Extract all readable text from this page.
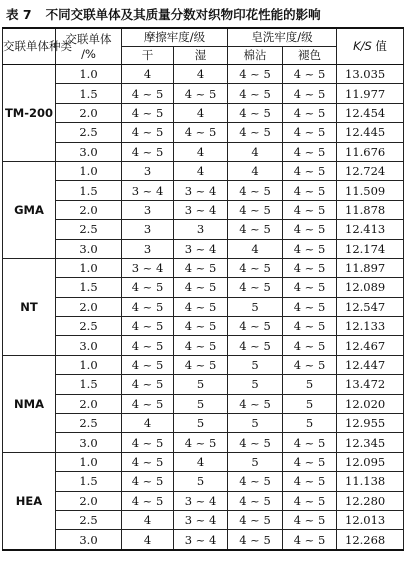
表 7 不同交联单体及其质量分数对织物印花性能的影响
交联单体种类	交联单体
/%	摩擦牢度/级		皂洗牢度/级		K/S 值
		干	湿	棉沾	褪色	
TM-200	1.0	4	4	4 ~ 5	4 ~ 5	13.035
	1.5	4 ~ 5	4 ~ 5	4 ~ 5	4 ~ 5	11.977
	2.0	4 ~ 5	4	4 ~ 5	4 ~ 5	12.454
	2.5	4 ~ 5	4 ~ 5	4 ~ 5	4 ~ 5	12.445
	3.0	4 ~ 5	4	4	4 ~ 5	11.676
GMA	1.0	3	4	4	4 ~ 5	12.724
	1.5	3 ~ 4	3 ~ 4	4 ~ 5	4 ~ 5	11.509
	2.0	3	3 ~ 4	4 ~ 5	4 ~ 5	11.878
	2.5	3	3	4 ~ 5	4 ~ 5	12.413
	3.0	3	3 ~ 4	4	4 ~ 5	12.174
NT	1.0	3 ~ 4	4 ~ 5	4 ~ 5	4 ~ 5	11.897
	1.5	4 ~ 5	4 ~ 5	4 ~ 5	4 ~ 5	12.089
	2.0	4 ~ 5	4 ~ 5	5	4 ~ 5	12.547
	2.5	4 ~ 5	4 ~ 5	4 ~ 5	4 ~ 5	12.133
	3.0	4 ~ 5	4 ~ 5	4 ~ 5	4 ~ 5	12.467
NMA	1.0	4 ~ 5	4 ~ 5	5	4 ~ 5	12.447
	1.5	4 ~ 5	5	5	5	13.472
	2.0	4 ~ 5	5	4 ~ 5	5	12.020
	2.5	4	5	5	5	12.955
	3.0	4 ~ 5	4 ~ 5	4 ~ 5	4 ~ 5	12.345
HEA	1.0	4 ~ 5	4	5	4 ~ 5	12.095
	1.5	4 ~ 5	5	4 ~ 5	4 ~ 5	11.138
	2.0	4 ~ 5	3 ~ 4	4 ~ 5	4 ~ 5	12.280
	2.5	4	3 ~ 4	4 ~ 5	4 ~ 5	12.013
	3.0	4	3 ~ 4	4 ~ 5	4 ~ 5	12.268
